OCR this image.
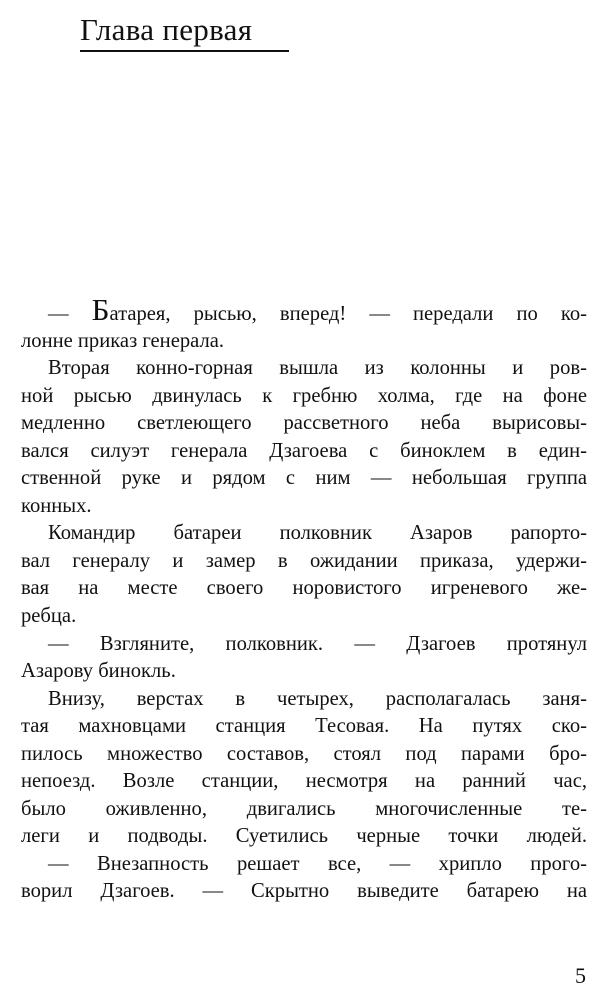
Глава первая
— Батарея, рысью, вперед! — передали по ко-
лонне приказ генерала.
Вторая конно-горная вышла из колонны и ров-
ной рысью двинулась к гребню холма, где на фоне
медленно светлеющего рассветного неба вырисовы-
вался силуэт генерала Дзагоева с биноклем в един-
ственной руке и рядом с ним — небольшая группа
конных.
Командир батареи полковник Азаров рапорто-
вал генералу и замер в ожидании приказа, удержи-
вая на месте своего норовистого игреневого же-
ребца.
— Взгляните, полковник. — Дзагоев протянул
Азарову бинокль.
Внизу, верстах в четырех, располагалась заня-
тая махновцами станция Тесовая. На путях ско-
пилось множество составов, стоял под парами бро-
непоезд. Возле станции, несмотря на ранний час,
было оживленно, двигались многочисленные те-
леги и подводы. Суетились черные точки людей.
— Внезапность решает все, — хрипло прого-
ворил Дзагоев. — Скрытно выведите батарею на
5
